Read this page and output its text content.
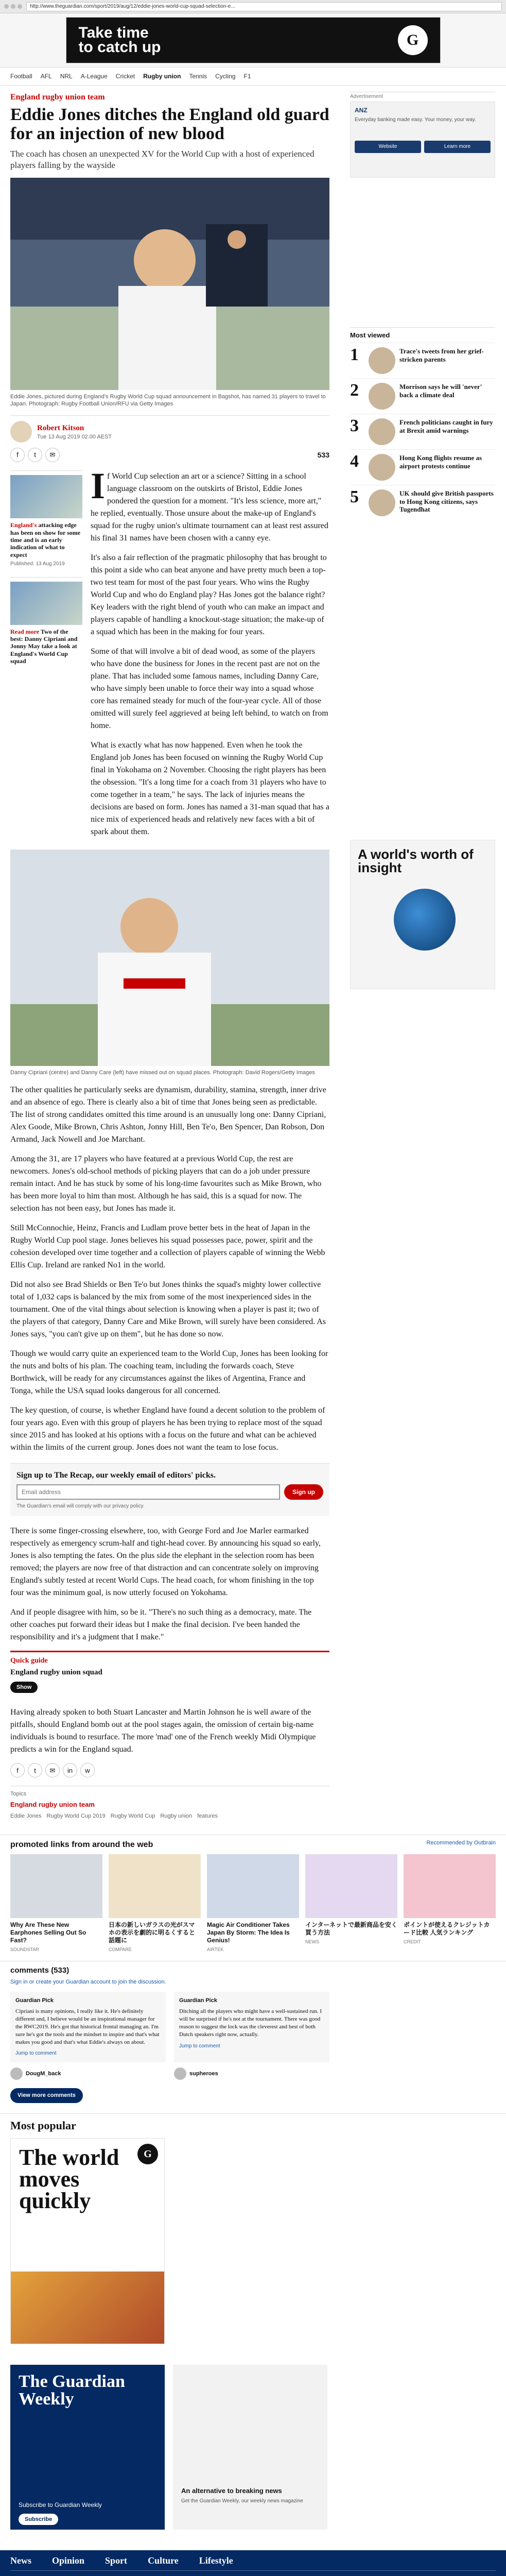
http://www.theguardian.com/sport/2019/aug/12/eddie-jones-world-cup-squad-selection-e...
Take time
to catch up	G
Football AFL NRL A-League Cricket Rugby union Tennis Cycling F1
England rugby union team
Eddie Jones ditches the England old guard for an injection of new blood
The coach has chosen an unexpected XV for the World Cup with a host of experienced players falling by the wayside
Eddie Jones, pictured during England's Rugby World Cup squad announcement in Bagshot, has named 31 players to travel to Japan. Photograph: Rugby Football Union/RFU via Getty Images
Robert Kitson
Tue 13 Aug 2019 02.00 AEST
f	t	✉	533
England's attacking edge has been on show for some time and is an early indication of what to expect
Published: 13 Aug 2019
Read more Two of the best: Danny Cipriani and Jonny May take a look at England's World Cup squad

If World Cup selection an art or a science? Sitting in a school language classroom on the outskirts of Bristol, Eddie Jones pondered the question for a moment. "It's less science, more art," he replied, eventually. Those unsure about the make-up of England's squad for the rugby union's ultimate tournament can at least rest assured his final 31 names have been chosen with a canny eye.

It's also a fair reflection of the pragmatic philosophy that has brought to this point a side who can beat anyone and have pretty much been a top-two test team for most of the past four years. Who wins the Rugby World Cup and who do England play? Has Jones got the balance right? Key leaders with the right blend of youth who can make an impact and players capable of handling a knockout-stage situation; the make-up of a squad which has been in the making for four years.

Some of that will involve a bit of dead wood, as some of the players who have done the business for Jones in the recent past are not on the plane. That has included some famous names, including Danny Care, who have simply been unable to force their way into a squad whose core has remained steady for much of the four-year cycle. All of those omitted will surely feel aggrieved at being left behind, to watch on from home.

What is exactly what has now happened. Even when he took the England job Jones has been focused on winning the Rugby World Cup final in Yokohama on 2 November. Choosing the right players has been the obsession. "It's a long time for a coach from 31 players who have to come together in a team," he says. The lack of injuries means the decisions are based on form. Jones has named a 31-man squad that has a nice mix of experienced heads and relatively new faces with a bit of spark about them.

Danny Cipriani (centre) and Danny Care (left) have missed out on squad places. Photograph: David Rogers/Getty Images

The other qualities he particularly seeks are dynamism, durability, stamina, strength, inner drive and an absence of ego. There is clearly also a bit of time that Jones being seen as predictable. The list of strong candidates omitted this time around is an unusually long one: Danny Cipriani, Alex Goode, Mike Brown, Chris Ashton, Jonny Hill, Ben Te'o, Ben Spencer, Dan Robson, Don Armand, Jack Nowell and Joe Marchant.

Among the 31, are 17 players who have featured at a previous World Cup, the rest are newcomers. Jones's old-school methods of picking players that can do a job under pressure remain intact. And he has stuck by some of his long-time favourites such as Mike Brown, who has been more loyal to him than most. Although he has said, this is a squad for now. The selection has not been easy, but Jones has made it.

Still McConnochie, Heinz, Francis and Ludlam prove better bets in the heat of Japan in the Rugby World Cup pool stage. Jones believes his squad possesses pace, power, spirit and the cohesion developed over time together and a collection of players capable of winning the Webb Ellis Cup. Ireland are ranked No1 in the world.

Did not also see Brad Shields or Ben Te'o but Jones thinks the squad's mighty lower collective total of 1,032 caps is balanced by the mix from some of the most inexperienced sides in the tournament. One of the vital things about selection is knowing when a player is past it; two of the players of that category, Danny Care and Mike Brown, will surely have been considered. As Jones says, "you can't give up on them", but he has done so now.

Though we would carry quite an experienced team to the World Cup, Jones has been looking for the nuts and bolts of his plan. The coaching team, including the forwards coach, Steve Borthwick, will be ready for any circumstances against the likes of Argentina, France and Tonga, while the USA squad looks dangerous for all concerned.

The key question, of course, is whether England have found a decent solution to the problem of four years ago. Even with this group of players he has been trying to replace most of the squad since 2015 and has looked at his options with a focus on the future and what can be achieved within the limits of the current group. Jones does not want the team to lose focus.

Sign up to The Recap, our weekly email of editors' picks.
Email address
Sign up
The Guardian's email will comply with our privacy policy.

There is some finger-crossing elsewhere, too, with George Ford and Joe Marler earmarked respectively as emergency scrum-half and tight-head cover. By announcing his squad so early, Jones is also tempting the fates. On the plus side the elephant in the selection room has been removed; the players are now free of that distraction and can concentrate solely on improving England's subtly tested at recent World Cups. The head coach, for whom finishing in the top four was the minimum goal, is now utterly focused on Yokohama.

And if people disagree with him, so be it. "There's no such thing as a democracy, mate. The other coaches put forward their ideas but I make the final decision. I've been handed the responsibility and it's a judgment that I make."

Quick guide
England rugby union squad
Show

Having already spoken to both Stuart Lancaster and Martin Johnson he is well aware of the pitfalls, should England bomb out at the pool stages again, the omission of certain big-name individuals is bound to resurface. The more 'mad' one of the French weekly Midi Olympique predicts a win for the England squad.

f	t	✉	in	w
Topics
England rugby union team
Eddie Jones Rugby World Cup 2019 Rugby World Cup Rugby union features
Advertisement
ANZ
Everyday banking made easy. Your money, your way.
Website	Learn more
Most viewed
1	Trace's tweets from her grief-stricken parents
2	Morrison says he will 'never' back a climate deal
3	French politicians caught in fury at Brexit amid warnings
4	Hong Kong flights resume as airport protests continue
5	UK should give British passports to Hong Kong citizens, says Tugendhat
A world's worth of insight
promoted links from around the web	Recommended by Outbrain
Why Are These New Earphones Selling Out So Fast?
SOUNDSTAR
日本の新しいガラスの光がスマホの表示を劇的に明るくすると話題に
COMPARE
Magic Air Conditioner Takes Japan By Storm: The Idea Is Genius!
AIRTEK
インターネットで最新商品を安く買う方法
NEWS
ポイントが使えるクレジットカード比較 人気ランキング
CREDIT
comments (533)
Sign in or create your Guardian account to join the discussion.
Guardian Pick
Cipriani is many opinions, I really like it. He's definitely different and, I believe would be an inspirational manager for the RWC2019. He's got that historical frontal managing an. I'm sure he's got the tools and the mindset to inspire and that's what makes you good and that's what Eddie's always on about.
Jump to comment
Guardian Pick
Ditching all the players who might have a well-sustained run. I will be surprised if he's not at the tournament. There was good reason to suggest the lock was the cleverest and best of both Dutch speakers right now, actually.
Jump to comment
DougM_back	supheroes
View more comments
Most popular
G
The world moves quickly
The Guardian Weekly
Subscribe to Guardian Weekly
Subscribe
An alternative to breaking news
Get the Guardian Weekly, our weekly news magazine
News Opinion Sport Culture Lifestyle
